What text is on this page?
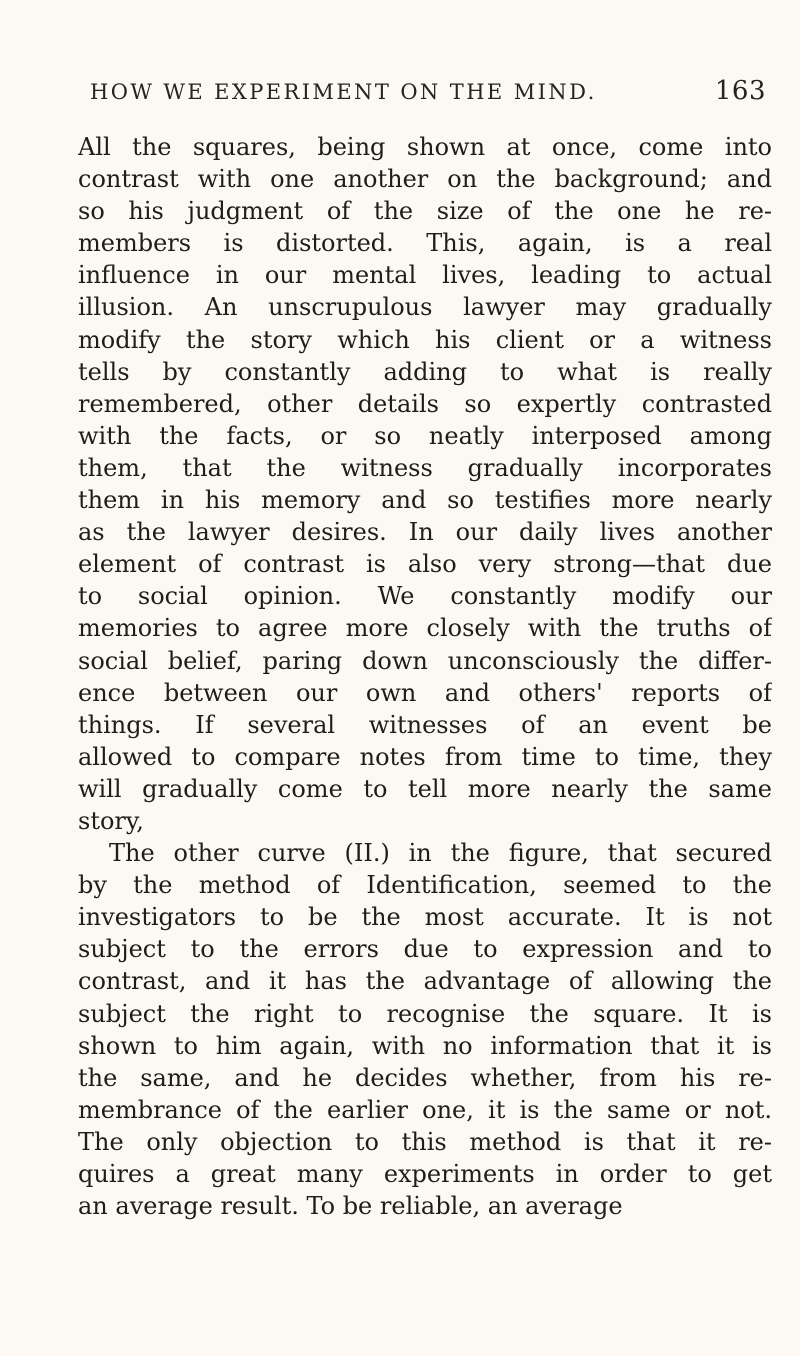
HOW WE EXPERIMENT ON THE MIND.	163
All the squares, being shown at once, come into
contrast with one another on the background; and
so his judgment of the size of the one he re-
members is distorted. This, again, is a real
influence in our mental lives, leading to actual
illusion. An unscrupulous lawyer may gradually
modify the story which his client or a witness
tells by constantly adding to what is really
remembered, other details so expertly contrasted
with the facts, or so neatly interposed among
them, that the witness gradually incorporates
them in his memory and so testifies more nearly
as the lawyer desires. In our daily lives another
element of contrast is also very strong—that due
to social opinion. We constantly modify our
memories to agree more closely with the truths of
social belief, paring down unconsciously the differ-
ence between our own and others' reports of
things. If several witnesses of an event be
allowed to compare notes from time to time, they
will gradually come to tell more nearly the same
story,
The other curve (II.) in the figure, that secured
by the method of Identification, seemed to the
investigators to be the most accurate. It is not
subject to the errors due to expression and to
contrast, and it has the advantage of allowing the
subject the right to recognise the square. It is
shown to him again, with no information that it is
the same, and he decides whether, from his re-
membrance of the earlier one, it is the same or not.
The only objection to this method is that it re-
quires a great many experiments in order to get
an average result. To be reliable, an average
